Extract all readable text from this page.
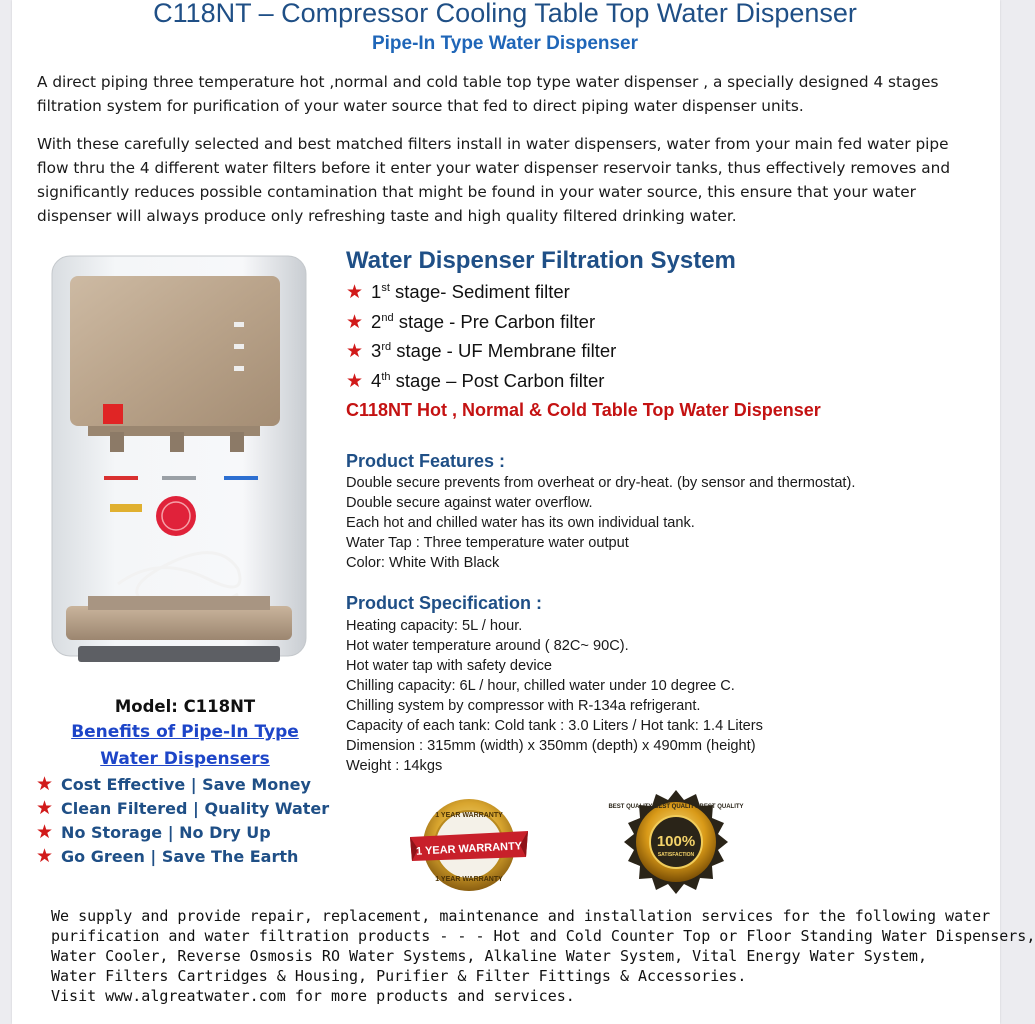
C118NT – Compressor Cooling Table Top Water Dispenser
Pipe-In Type Water Dispenser

A direct piping three temperature hot ,normal and cold table top type water dispenser , a specially designed 4 stages filtration system for purification of your water source that fed to direct piping water dispenser units.

With these carefully selected and best matched filters install in water dispensers, water from your main fed water pipe flow thru the 4 different water filters before it enter your water dispenser reservoir tanks, thus effectively removes and significantly reduces possible contamination that might be found in your water source, this ensure that your water dispenser will always produce only refreshing taste and high quality filtered drinking water.

Model: C118NT
Benefits of Pipe-In Type
Water Dispensers
★ Cost Effective | Save Money
★ Clean Filtered | Quality Water
★ No Storage | No Dry Up
★ Go Green | Save The Earth
Water Dispenser Filtration System
★ 1st stage- Sediment filter
★ 2nd stage - Pre Carbon filter
★ 3rd stage - UF Membrane filter
★ 4th stage – Post Carbon filter
C118NT Hot , Normal & Cold Table Top Water Dispenser
Product Features :
Double secure prevents from overheat or dry-heat. (by sensor and thermostat).
Double secure against water overflow.
Each hot and chilled water has its own individual tank.
Water Tap : Three temperature water output
Color: White With Black
Product Specification :
Heating capacity: 5L / hour.
Hot water temperature around ( 82C~ 90C).
Hot water tap with safety device
Chilling capacity: 6L / hour, chilled water under 10 degree C.
Chilling system by compressor with R-134a refrigerant.
Capacity of each tank: Cold tank : 3.0 Liters / Hot tank: 1.4 Liters
Dimension : 315mm (width) x 350mm (depth) x 490mm (height)
Weight : 14kgs
1 YEAR WARRANTY
1 YEAR WARRANTY
1 YEAR WARRANTY
BEST QUALITY BEST QUALITY BEST QUALITY
100%
SATISFACTION
We supply and provide repair, replacement, maintenance and installation services for the following water
purification and water filtration products - - - Hot and Cold Counter Top or Floor Standing Water Dispensers,
Water Cooler, Reverse Osmosis RO Water Systems, Alkaline Water System, Vital Energy Water System,
Water Filters Cartridges & Housing, Purifier & Filter Fittings & Accessories.
Visit www.algreatwater.com for more products and services.
